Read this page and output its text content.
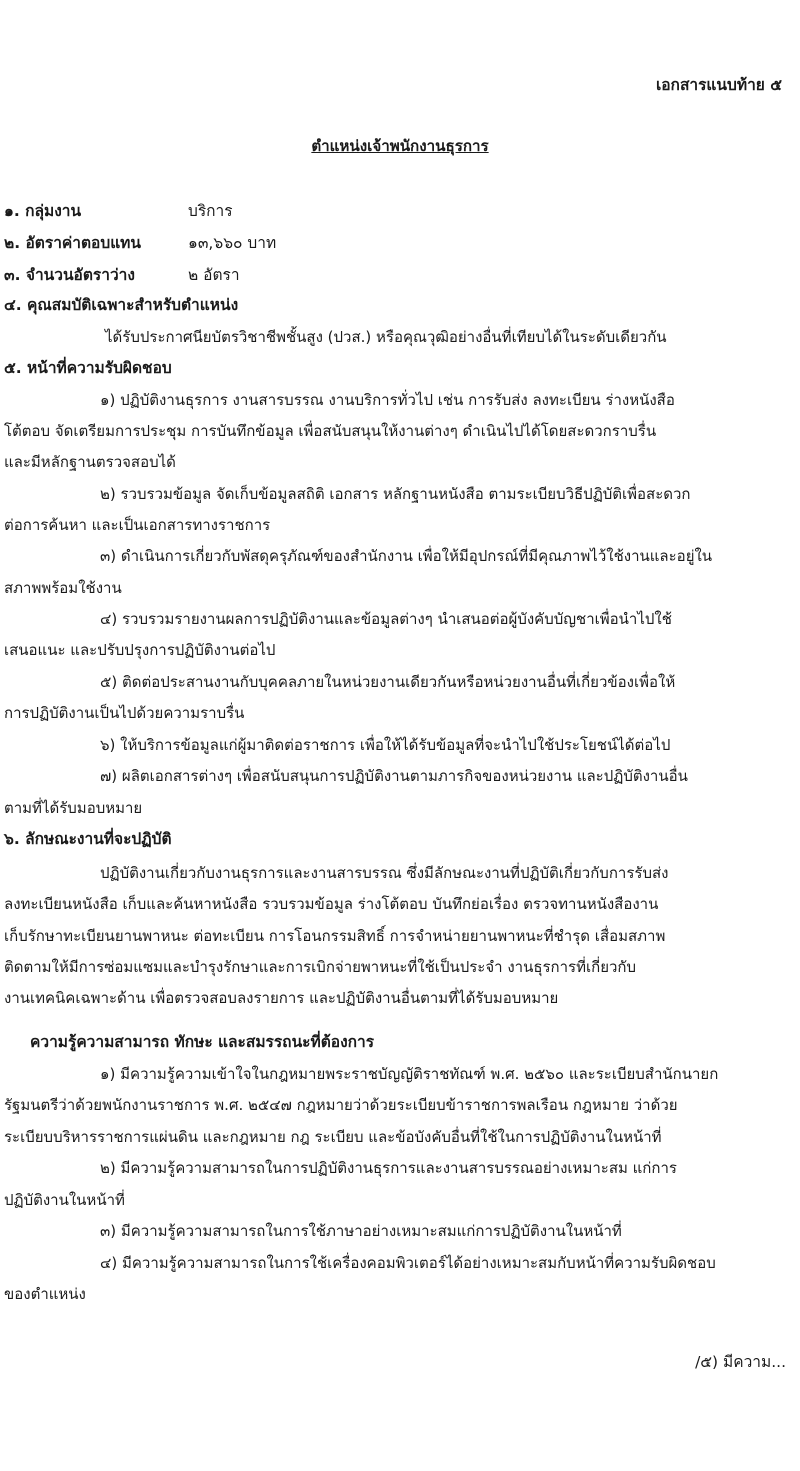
เอกสารแนบท้าย ๕
ตำแหน่งเจ้าพนักงานธุรการ
๑. กลุ่มงาน	บริการ
๒. อัตราค่าตอบแทน	๑๓,๖๖๐ บาท
๓. จำนวนอัตราว่าง	๒ อัตรา
๔. คุณสมบัติเฉพาะสำหรับตำแหน่ง
ได้รับประกาศนียบัตรวิชาชีพชั้นสูง (ปวส.) หรือคุณวุฒิอย่างอื่นที่เทียบได้ในระดับเดียวกัน
๕. หน้าที่ความรับผิดชอบ
๑) ปฏิบัติงานธุรการ งานสารบรรณ งานบริการทั่วไป เช่น การรับส่ง ลงทะเบียน ร่างหนังสือ
โต้ตอบ จัดเตรียมการประชุม การบันทึกข้อมูล เพื่อสนับสนุนให้งานต่างๆ ดำเนินไปได้โดยสะดวกราบรื่น
และมีหลักฐานตรวจสอบได้
๒) รวบรวมข้อมูล จัดเก็บข้อมูลสถิติ เอกสาร หลักฐานหนังสือ ตามระเบียบวิธีปฏิบัติเพื่อสะดวก
ต่อการค้นหา และเป็นเอกสารทางราชการ
๓) ดำเนินการเกี่ยวกับพัสดุครุภัณฑ์ของสำนักงาน เพื่อให้มีอุปกรณ์ที่มีคุณภาพไว้ใช้งานและอยู่ใน
สภาพพร้อมใช้งาน
๔) รวบรวมรายงานผลการปฏิบัติงานและข้อมูลต่างๆ นำเสนอต่อผู้บังคับบัญชาเพื่อนำไปใช้
เสนอแนะ และปรับปรุงการปฏิบัติงานต่อไป
๕) ติดต่อประสานงานกับบุคคลภายในหน่วยงานเดียวกันหรือหน่วยงานอื่นที่เกี่ยวข้องเพื่อให้
การปฏิบัติงานเป็นไปด้วยความราบรื่น
๖) ให้บริการข้อมูลแก่ผู้มาติดต่อราชการ เพื่อให้ได้รับข้อมูลที่จะนำไปใช้ประโยชน์ได้ต่อไป
๗) ผลิตเอกสารต่างๆ เพื่อสนับสนุนการปฏิบัติงานตามภารกิจของหน่วยงาน และปฏิบัติงานอื่น
ตามที่ได้รับมอบหมาย
๖. ลักษณะงานที่จะปฏิบัติ
ปฏิบัติงานเกี่ยวกับงานธุรการและงานสารบรรณ ซึ่งมีลักษณะงานที่ปฏิบัติเกี่ยวกับการรับส่ง
ลงทะเบียนหนังสือ เก็บและค้นหาหนังสือ รวบรวมข้อมูล ร่างโต้ตอบ บันทึกย่อเรื่อง ตรวจทานหนังสืองาน
เก็บรักษาทะเบียนยานพาหนะ ต่อทะเบียน การโอนกรรมสิทธิ์ การจำหน่ายยานพาหนะที่ชำรุด เสื่อมสภาพ
ติดตามให้มีการซ่อมแซมและบำรุงรักษาและการเบิกจ่ายพาหนะที่ใช้เป็นประจำ งานธุรการที่เกี่ยวกับ
งานเทคนิคเฉพาะด้าน เพื่อตรวจสอบลงรายการ และปฏิบัติงานอื่นตามที่ได้รับมอบหมาย
ความรู้ความสามารถ ทักษะ และสมรรถนะที่ต้องการ
๑) มีความรู้ความเข้าใจในกฎหมายพระราชบัญญัติราชทัณฑ์ พ.ศ. ๒๕๖๐ และระเบียบสำนักนายก
รัฐมนตรีว่าด้วยพนักงานราชการ พ.ศ. ๒๕๔๗ กฎหมายว่าด้วยระเบียบข้าราชการพลเรือน กฎหมาย ว่าด้วย
ระเบียบบริหารราชการแผ่นดิน และกฎหมาย กฎ ระเบียบ และข้อบังคับอื่นที่ใช้ในการปฏิบัติงานในหน้าที่
๒) มีความรู้ความสามารถในการปฏิบัติงานธุรการและงานสารบรรณอย่างเหมาะสม แก่การ
ปฏิบัติงานในหน้าที่
๓) มีความรู้ความสามารถในการใช้ภาษาอย่างเหมาะสมแก่การปฏิบัติงานในหน้าที่
๔) มีความรู้ความสามารถในการใช้เครื่องคอมพิวเตอร์ได้อย่างเหมาะสมกับหน้าที่ความรับผิดชอบ
ของตำแหน่ง
/๕) มีความ...
